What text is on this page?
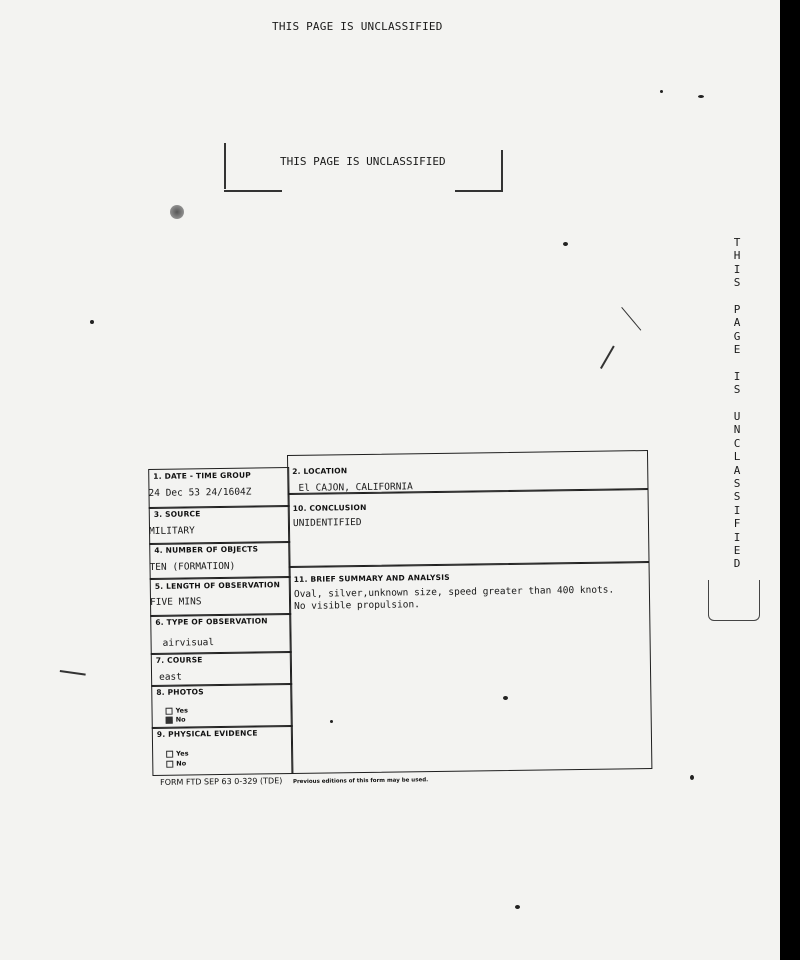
THIS PAGE IS UNCLASSIFIED
THIS PAGE IS UNCLASSIFIED
T
H
I
S
P
A
G
E
I
S
U
N
C
L
A
S
S
I
F
I
E
D
1. DATE - TIME GROUP
24 Dec 53 24/1604Z
3. SOURCE
MILITARY
4. NUMBER OF OBJECTS
TEN (FORMATION)
5. LENGTH OF OBSERVATION
FIVE MINS
6. TYPE OF OBSERVATION
airvisual
7. COURSE
east
8. PHOTOS
Yes
No
9. PHYSICAL EVIDENCE
Yes
No
2. LOCATION
El CAJON, CALIFORNIA
10. CONCLUSION
UNIDENTIFIED
11. BRIEF SUMMARY AND ANALYSIS
Oval, silver,unknown size, speed greater than 400 knots.
No visible propulsion.
FORM FTD SEP 63 0-329 (TDE) Previous editions of this form may be used.
